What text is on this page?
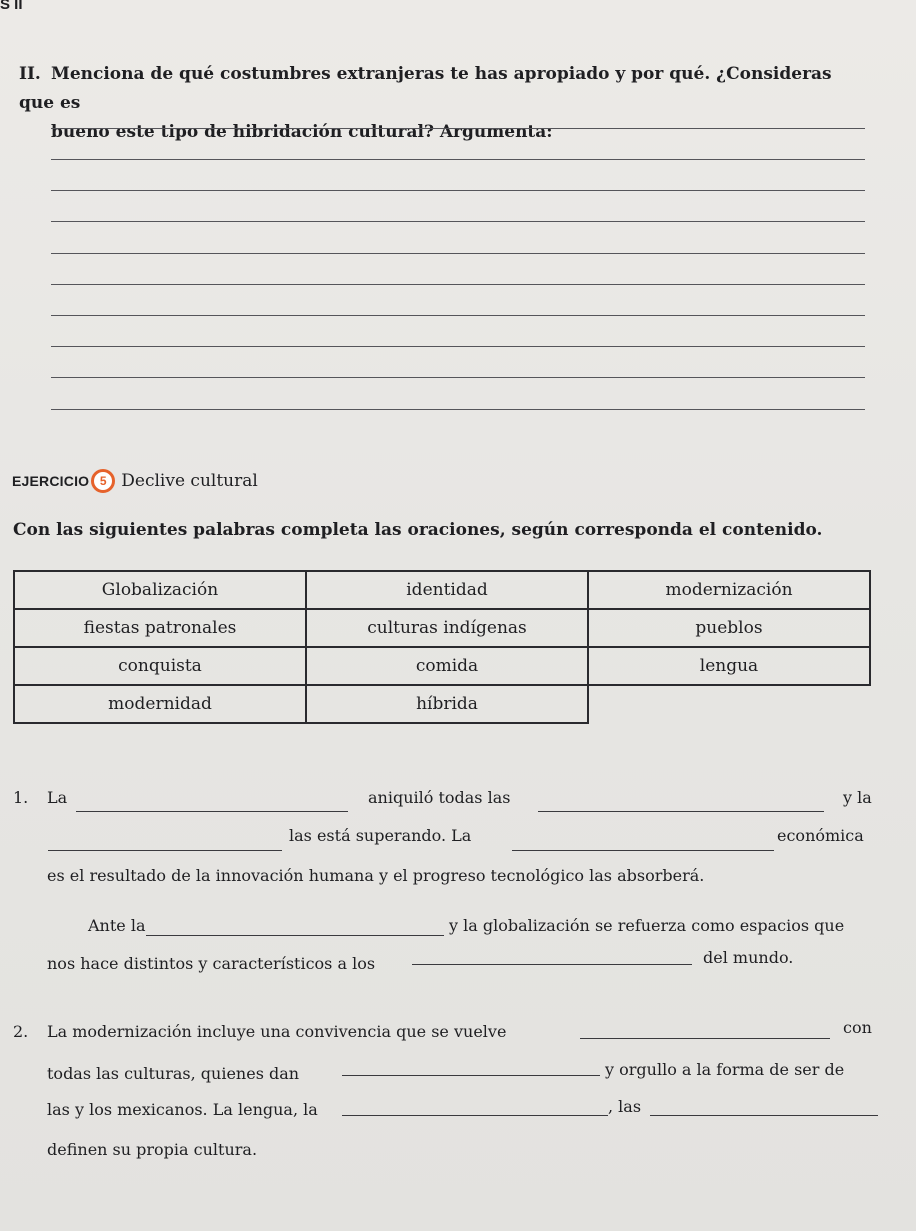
S II
II. Menciona de qué costumbres extranjeras te has apropiado y por qué. ¿Consideras que es
bueno este tipo de hibridación cultural? Argumenta:
EJERCICIO 5 Declive cultural
Con las siguientes palabras completa las oraciones, según corresponda el contenido.
Globalización	identidad	modernización
fiestas patronales	culturas indígenas	pueblos
conquista	comida	lengua
modernidad	híbrida	
1. La	aniquiló todas las	y la
las está superando. La	económica
es el resultado de la innovación humana y el progreso tecnológico las absorberá.
Ante la	y la globalización se refuerza como espacios que
nos hace distintos y característicos a los	del mundo.
2. La modernización incluye una convivencia que se vuelve	con
todas las culturas, quienes dan	y orgullo a la forma de ser de
las y los mexicanos. La lengua, la	, las
definen su propia cultura.
